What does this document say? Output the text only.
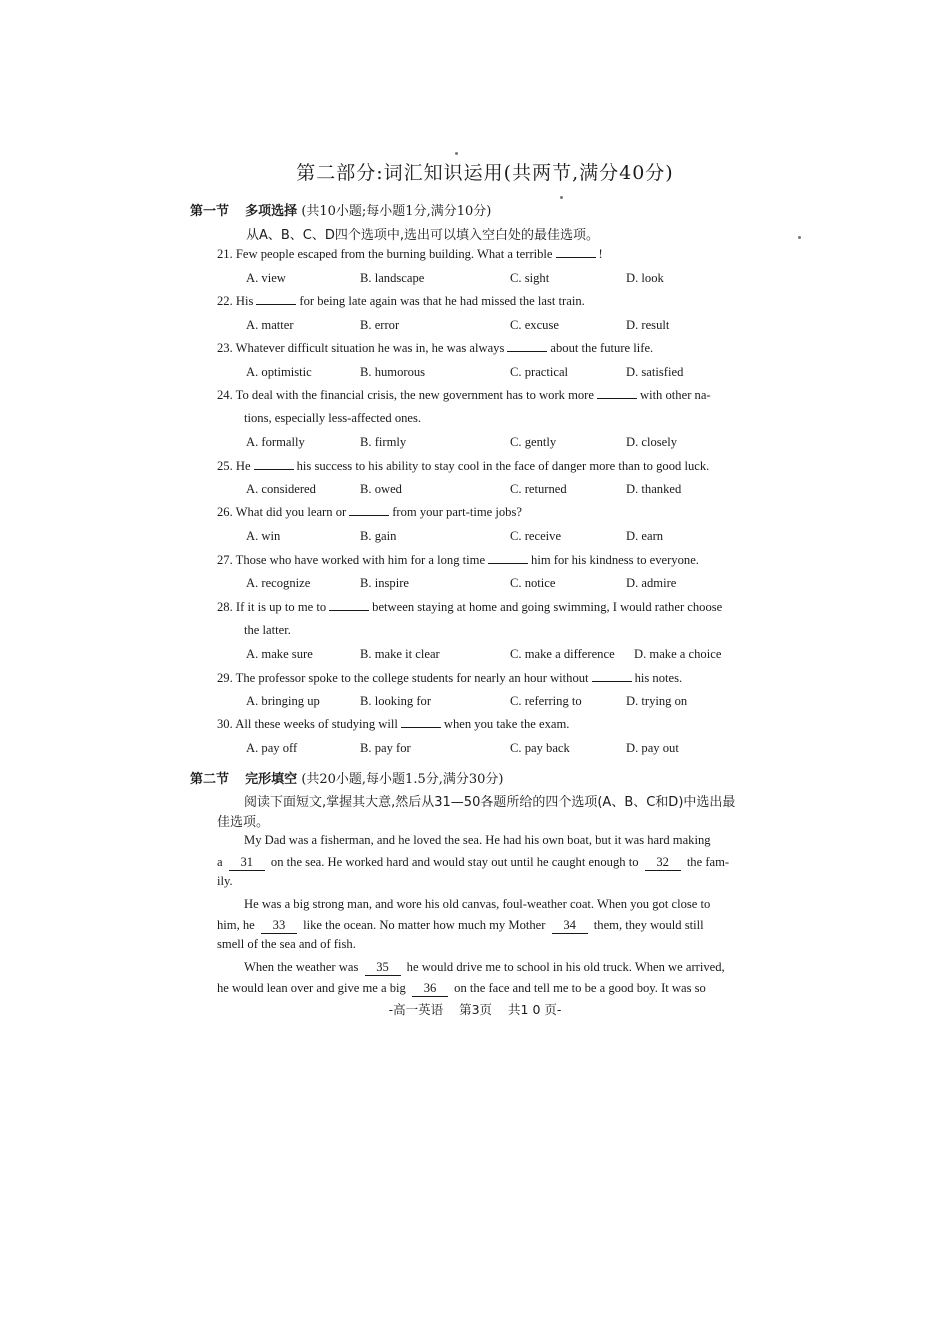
第二部分:词汇知识运用(共两节,满分40分)
第一节 多项选择 (共10小题;每小题1分,满分10分)
从A、B、C、D四个选项中,选出可以填入空白处的最佳选项。
21. Few people escaped from the burning building. What a terrible	!
A. view	B. landscape	C. sight	D. look
22. His	for being late again was that he had missed the last train.
A. matter	B. error	C. excuse	D. result
23. Whatever difficult situation he was in, he was always	about the future life.
A. optimistic	B. humorous	C. practical	D. satisfied
24. To deal with the financial crisis, the new government has to work more	with other na-
tions, especially less-affected ones.
A. formally	B. firmly	C. gently	D. closely
25. He	his success to his ability to stay cool in the face of danger more than to good luck.
A. considered	B. owed	C. returned	D. thanked
26. What did you learn or	from your part-time jobs?
A. win	B. gain	C. receive	D. earn
27. Those who have worked with him for a long time	him for his kindness to everyone.
A. recognize	B. inspire	C. notice	D. admire
28. If it is up to me to	between staying at home and going swimming, I would rather choose
the latter.
A. make sure	B. make it clear	C. make a difference D. make a choice
29. The professor spoke to the college students for nearly an hour without	his notes.
A. bringing up	B. looking for	C. referring to	D. trying on
30. All these weeks of studying will	when you take the exam.
A. pay off	B. pay for	C. pay back	D. pay out
第二节 完形填空 (共20小题,每小题1.5分,满分30分)
阅读下面短文,掌握其大意,然后从31—50各题所给的四个选项(A、B、C和D)中选出最
佳选项。
My Dad was a fisherman, and he loved the sea. He had his own boat, but it was hard making
a 31 on the sea. He worked hard and would stay out until he caught enough to 32 the fam-
ily.
He was a big strong man, and wore his old canvas, foul-weather coat. When you got close to
him, he 33 like the ocean. No matter how much my Mother 34 them, they would still
smell of the sea and of fish.
When the weather was 35 he would drive me to school in his old truck. When we arrived,
he would lean over and give me a big 36 on the face and tell me to be a good boy. It was so
-高一英语 第3页 共1 0 页-
